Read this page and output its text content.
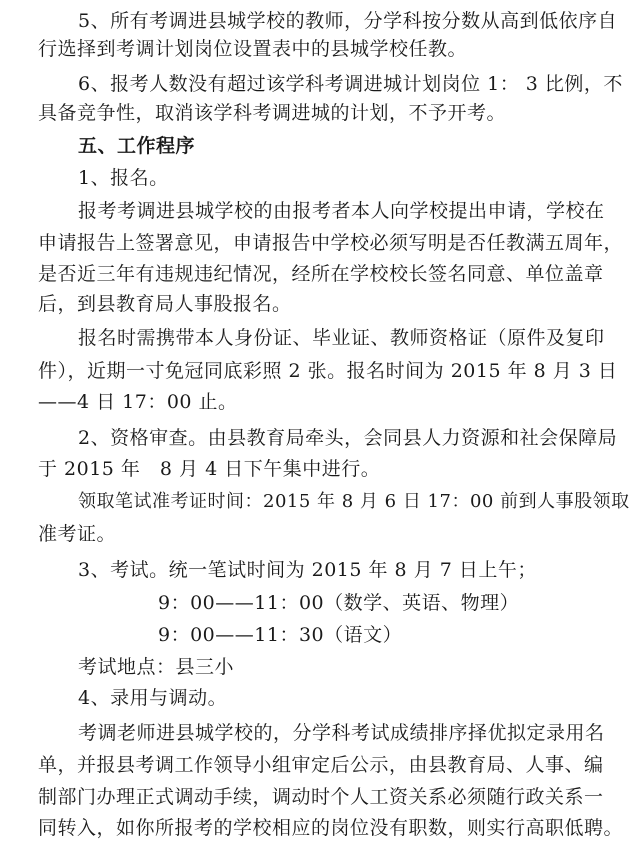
5、所有考调进县城学校的教师，分学科按分数从高到低依序自
行选择到考调计划岗位设置表中的县城学校任教。
6、报考人数没有超过该学科考调进城计划岗位 1： 3 比例，不
具备竞争性，取消该学科考调进城的计划，不予开考。
五、工作程序
1、报名。
报考考调进县城学校的由报考者本人向学校提出申请，学校在
申请报告上签署意见，申请报告中学校必须写明是否任教满五周年，
是否近三年有违规违纪情况，经所在学校校长签名同意、单位盖章
后，到县教育局人事股报名。
报名时需携带本人身份证、毕业证、教师资格证（原件及复印
件），近期一寸免冠同底彩照 2 张。报名时间为 2015 年 8 月 3 日
——4 日 17：00 止。
2、资格审查。由县教育局牵头，会同县人力资源和社会保障局
于 2015 年　8 月 4 日下午集中进行。
领取笔试准考证时间：2015 年 8 月 6 日 17：00 前到人事股领取
准考证。
3、考试。统一笔试时间为 2015 年 8 月 7 日上午；
9：00——11：00（数学、英语、物理）
9：00——11：30（语文）
考试地点：县三小
4、录用与调动。
考调老师进县城学校的，分学科考试成绩排序择优拟定录用名
单，并报县考调工作领导小组审定后公示，由县教育局、人事、编
制部门办理正式调动手续，调动时个人工资关系必须随行政关系一
同转入，如你所报考的学校相应的岗位没有职数，则实行高职低聘。
